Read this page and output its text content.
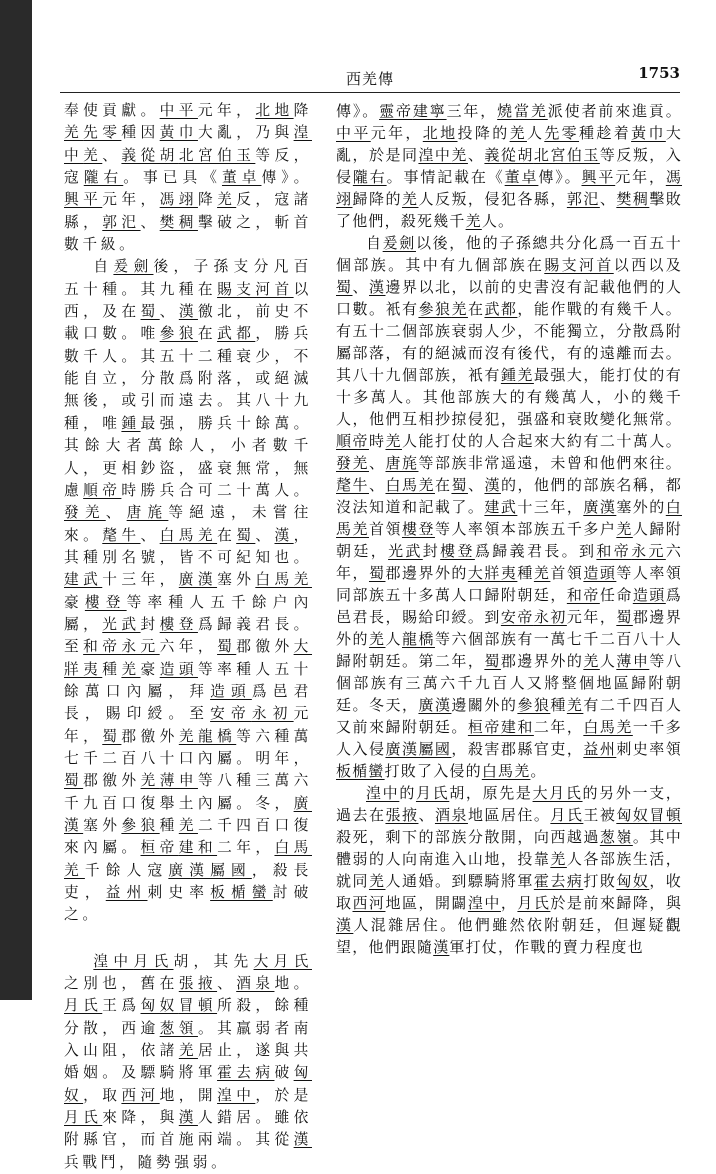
西羌傳	1753

奉使貢獻。中平元年，北地降羌先零種因黃巾大亂，乃與湟中羌、義從胡北宮伯玉等反，寇隴右。事已具《董卓傳》。興平元年，馮翊降羌反，寇諸縣，郭汜、樊稠擊破之，斬首數千級。

自爰劍後，子孫支分凡百五十種。其九種在賜支河首以西，及在蜀、漢徼北，前史不載口數。唯參狼在武都，勝兵數千人。其五十二種衰少，不能自立，分散爲附落，或絕滅無後，或引而遠去。其八十九種，唯鍾最强，勝兵十餘萬。其餘大者萬餘人，小者數千人，更相鈔盜，盛衰無常，無慮順帝時勝兵合可二十萬人。發羌、唐旄等絕遠，未嘗往來。氂牛、白馬羌在蜀、漢，其種別名號，皆不可紀知也。建武十三年，廣漢塞外白馬羌豪樓登等率種人五千餘户內屬，光武封樓登爲歸義君長。至和帝永元六年，蜀郡徼外大牂夷種羌豪造頭等率種人五十餘萬口內屬，拜造頭爲邑君長，賜印綬。至安帝永初元年，蜀郡徼外羌龍橋等六種萬七千二百八十口內屬。明年，蜀郡徼外羌薄申等八種三萬六千九百口復舉土內屬。冬，廣漢塞外參狼種羌二千四百口復來內屬。桓帝建和二年，白馬羌千餘人寇廣漢屬國，殺長吏，益州刺史率板楯蠻討破之。

湟中月氏胡，其先大月氏之別也，舊在張掖、酒泉地。月氏王爲匈奴冒頓所殺，餘種分散，西逾葱領。其羸弱者南入山阻，依諸羌居止，遂與共婚姻。及驃騎將軍霍去病破匈奴，取西河地，開湟中，於是月氏來降，與漢人錯居。雖依附縣官，而首施兩端。其從漢兵戰鬥，隨勢强弱。

傳》。靈帝建寧三年，燒當羌派使者前來進貢。中平元年，北地投降的羌人先零種趁着黃巾大亂，於是同湟中羌、義從胡北宮伯玉等反叛，入侵隴右。事情記載在《董卓傳》。興平元年，馮翊歸降的羌人反叛，侵犯各縣，郭汜、樊稠擊敗了他們，殺死幾千羌人。

自爰劍以後，他的子孫總共分化爲一百五十個部族。其中有九個部族在賜支河首以西以及蜀、漢邊界以北，以前的史書沒有記載他們的人口數。衹有參狼羌在武都，能作戰的有幾千人。有五十二個部族衰弱人少，不能獨立，分散爲附屬部落，有的絕滅而沒有後代，有的遠離而去。其八十九個部族，衹有鍾羌最强大，能打仗的有十多萬人。其他部族大的有幾萬人，小的幾千人，他們互相抄掠侵犯，强盛和衰敗變化無常。順帝時羌人能打仗的人合起來大約有二十萬人。發羌、唐旄等部族非常遥遠，未曾和他們來往。氂牛、白馬羌在蜀、漢的，他們的部族名稱，都沒法知道和記載了。建武十三年，廣漢塞外的白馬羌首領樓登等人率領本部族五千多户羌人歸附朝廷，光武封樓登爲歸義君長。到和帝永元六年，蜀郡邊界外的大牂夷種羌首領造頭等人率領同部族五十多萬人口歸附朝廷，和帝任命造頭爲邑君長，賜給印綬。到安帝永初元年，蜀郡邊界外的羌人龍橋等六個部族有一萬七千二百八十人歸附朝廷。第二年，蜀郡邊界外的羌人薄申等八個部族有三萬六千九百人又將整個地區歸附朝廷。冬天，廣漢邊關外的參狼種羌有二千四百人又前來歸附朝廷。桓帝建和二年，白馬羌一千多人入侵廣漢屬國，殺害郡縣官吏，益州刺史率領板楯蠻打敗了入侵的白馬羌。

湟中的月氏胡，原先是大月氏的另外一支，過去在張掖、酒泉地區居住。月氏王被匈奴冒頓殺死，剩下的部族分散開，向西越過葱嶺。其中體弱的人向南進入山地，投靠羌人各部族生活，就同羌人通婚。到驃騎將軍霍去病打敗匈奴，收取西河地區，開闢湟中，月氏於是前來歸降，與漢人混雜居住。他們雖然依附朝廷，但遲疑觀望，他們跟隨漢軍打仗，作戰的賣力程度也
